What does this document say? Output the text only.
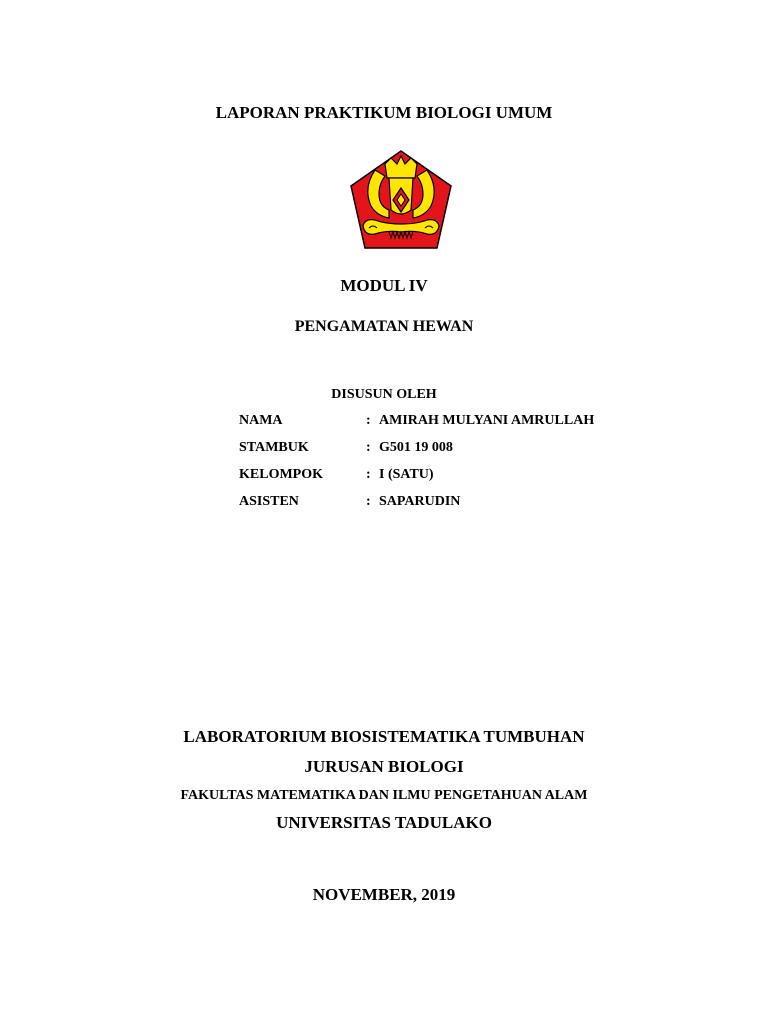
LAPORAN PRAKTIKUM BIOLOGI UMUM
MODUL IV
PENGAMATAN HEWAN
DISUSUN OLEH
NAMA	: AMIRAH MULYANI AMRULLAH
STAMBUK	: G501 19 008
KELOMPOK	: I (SATU)
ASISTEN	: SAPARUDIN
LABORATORIUM BIOSISTEMATIKA TUMBUHAN
JURUSAN BIOLOGI
FAKULTAS MATEMATIKA DAN ILMU PENGETAHUAN ALAM
UNIVERSITAS TADULAKO
NOVEMBER, 2019
